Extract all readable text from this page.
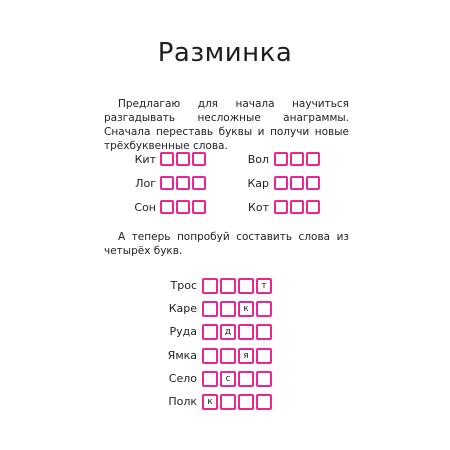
Разминка
Предлагаю для начала научиться разгадывать несложные анаграммы. Сначала переставь буквы и получи новые трёхбуквенные слова.
Кит
Лог
Сон
Вол
Кар
Кот
А теперь попробуй составить слова из четырёх букв.
Трос	т
Каре	к
Руда	д
Ямка	я
Село	с
Полк	к
